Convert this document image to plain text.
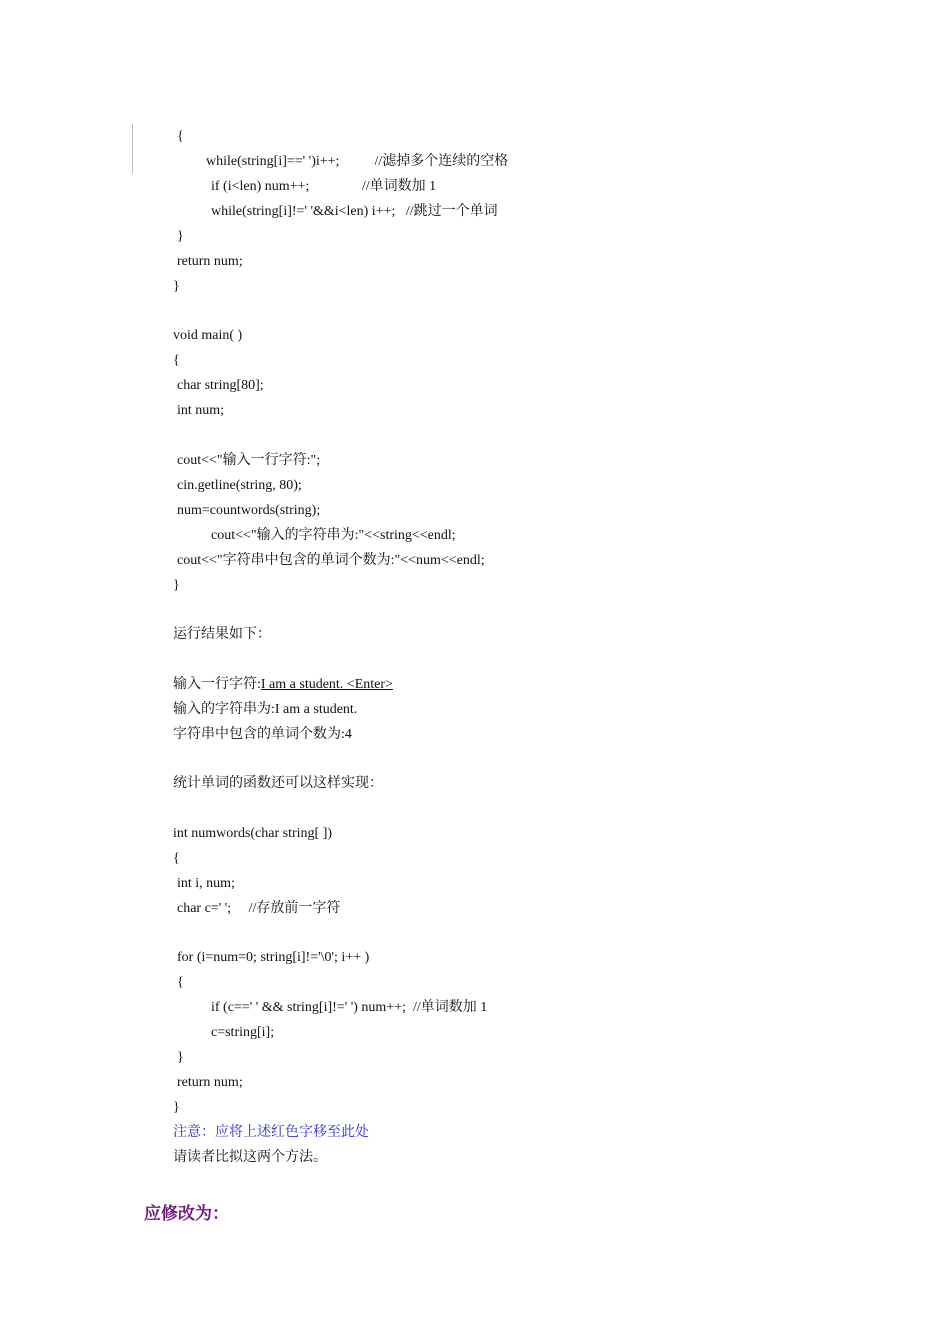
{
while(string[i]==' ')i++;          //滤掉多个连续的空格
if (i<len) num++;               //单词数加 1
while(string[i]!=' '&&i<len) i++;   //跳过一个单词
}
return num;
}
void main( )
{
char string[80];
int num;
cout<<"输入一行字符:";
cin.getline(string, 80);
num=countwords(string);
cout<<"输入的字符串为:"<<string<<endl;
cout<<"字符串中包含的单词个数为:"<<num<<endl;
}
运行结果如下：
输入一行字符:I am a student. <Enter>
输入的字符串为:I am a student.
字符串中包含的单词个数为:4
统计单词的函数还可以这样实现：
int numwords(char string[ ])
{
int i, num;
char c=' ';     //存放前一字符
for (i=num=0; string[i]!='\0'; i++ )
{
if (c==' ' && string[i]!=' ') num++;  //单词数加 1
c=string[i];
}
return num;
}
注意：应将上述红色字移至此处
请读者比拟这两个方法。
应修改为：
